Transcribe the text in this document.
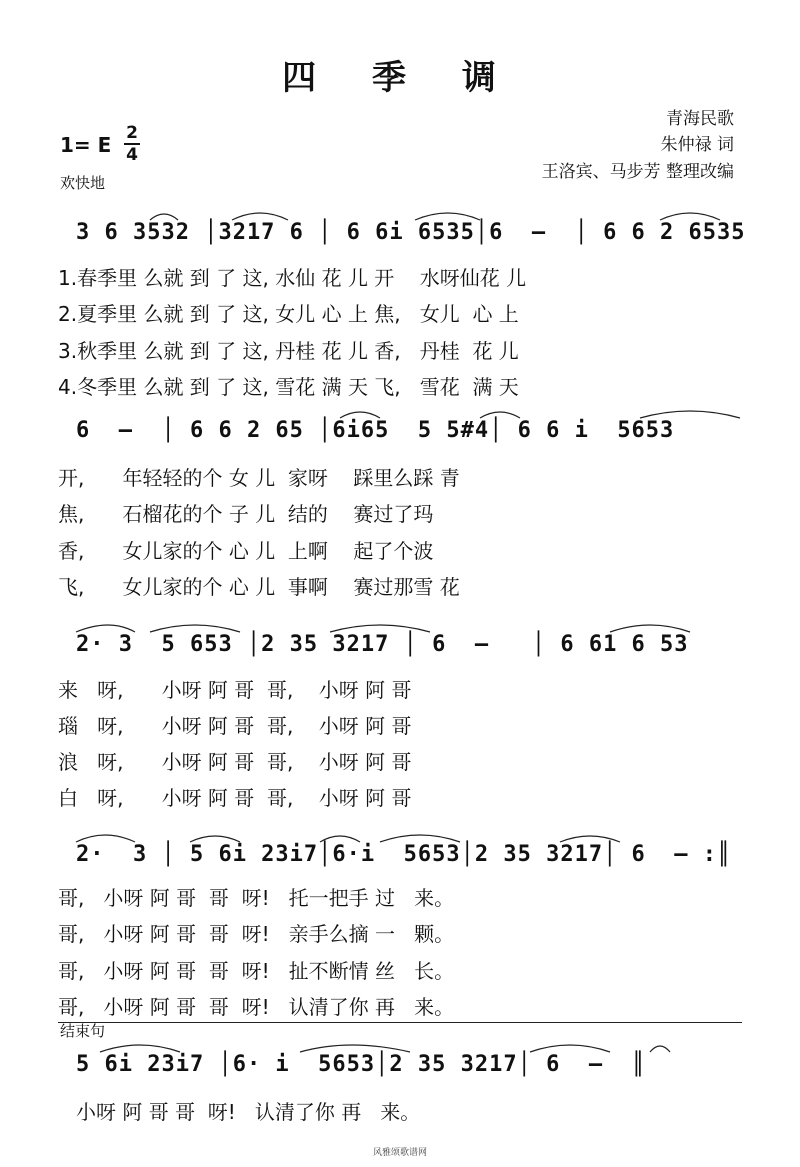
四 季 调
青海民歌
朱仲禄 词
王洛宾、马步芳 整理改编
1= E 2
4
欢快地
3 6 3532 │3217 6 │ 6 6i 6535│6  –  │ 6 6 2 6535
1.春季里 么就 到 了 这, 水仙 花 儿 开    水呀仙花 儿
2.夏季里 么就 到 了 这, 女儿 心 上 焦,   女儿  心 上
3.秋季里 么就 到 了 这, 丹桂 花 儿 香,   丹桂  花 儿
4.冬季里 么就 到 了 这, 雪花 满 天 飞,   雪花  满 天
6  –  │ 6 6 2 65 │6i65  5 5#4│ 6 6 i  5653
开,      年轻轻的个 女 儿  家呀    踩里么踩 青
焦,      石榴花的个 子 儿  结的    赛过了玛
香,      女儿家的个 心 儿  上啊    起了个波
飞,      女儿家的个 心 儿  事啊    赛过那雪 花
2· 3  5 653 │2 35 3217 │ 6  –   │ 6 61 6 53
来   呀,      小呀 阿 哥  哥,    小呀 阿 哥
瑙   呀,      小呀 阿 哥  哥,    小呀 阿 哥
浪   呀,      小呀 阿 哥  哥,    小呀 阿 哥
白   呀,      小呀 阿 哥  哥,    小呀 阿 哥
2·  3 │ 5 6i 23i7│6·i  5653│2 35 3217│ 6  – :║
哥,   小呀 阿 哥  哥  呀!   托一把手 过   来。
哥,   小呀 阿 哥  哥  呀!   亲手么摘 一   颗。
哥,   小呀 阿 哥  哥  呀!   扯不断情 丝   长。
哥,   小呀 阿 哥  哥  呀!   认清了你 再   来。
结束句
5 6i 23i7 │6· i  5653│2 35 3217│ 6  –  ║
小呀 阿 哥 哥  呀!   认清了你 再   来。
风雅颂歌谱网
